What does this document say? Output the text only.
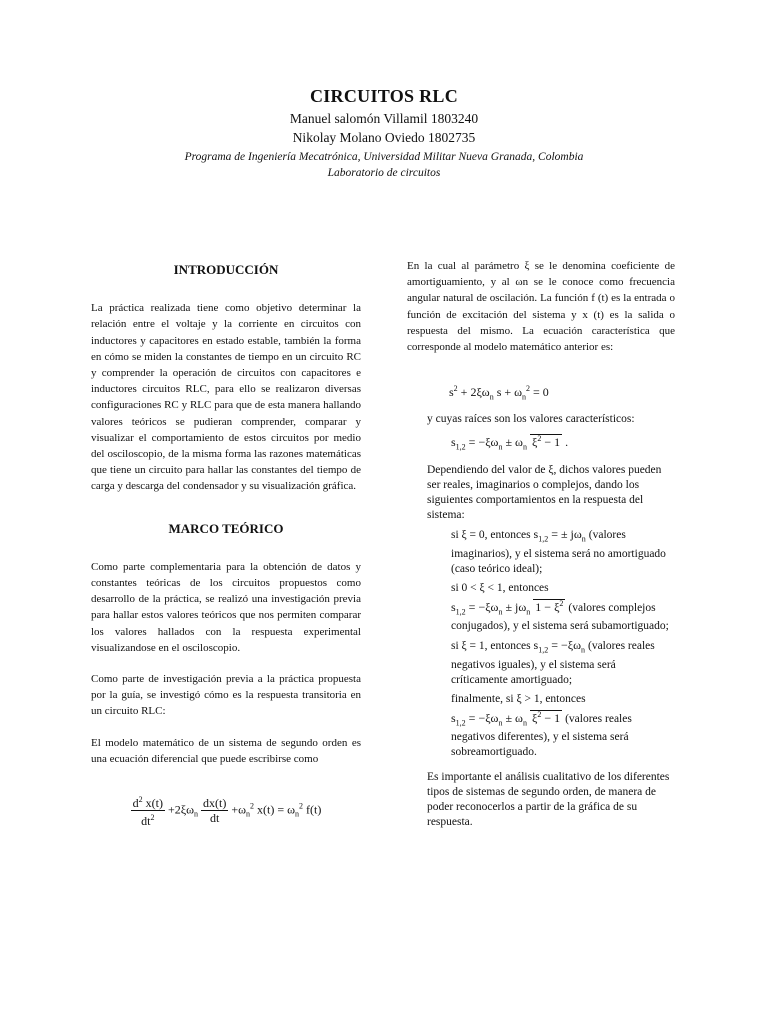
CIRCUITOS RLC
Manuel salomón Villamil 1803240
Nikolay Molano Oviedo 1802735
Programa de Ingeniería Mecatrónica, Universidad Militar Nueva Granada, Colombia
Laboratorio de circuitos
INTRODUCCIÓN

La práctica realizada tiene como objetivo determinar la relación entre el voltaje y la corriente en circuitos con inductores y capacitores en estado estable, también la forma en cómo se miden la constantes de tiempo en un circuito RC y comprender la operación de circuitos con capacitores e inductores circuitos RLC, para ello se realizaron diversas configuraciones RC y RLC para que de esta manera hallando valores teóricos se pudieran comprender, comparar y visualizar el comportamiento de estos circuitos por medio del osciloscopio, de la misma forma las razones matemáticas que tiene un circuito para hallar las constantes del tiempo de carga y descarga del condensador y su visualización gráfica.

MARCO TEÓRICO

Como parte complementaria para la obtención de datos y constantes teóricas de los circuitos propuestos como desarrollo de la práctica, se realizó una investigación previa para hallar estos valores teóricos que nos permiten comparar los valores hallados con la respuesta experimental visualizandose en el osciloscopio.

Como parte de investigación previa a la práctica propuesta por la guía, se investigó cómo es la respuesta transitoria en un circuito RLC:

El modelo matemático de un sistema de segundo orden es una ecuación diferencial que puede escribirse como

$\frac{d^2 x(t)}{dt^2} +2\xi\omega_n \frac{dx(t)}{dt} +\omega_n^2$ $x(t) = \omega_n^2$ f(t)

En la cual al parámetro ξ se le denomina coeficiente de amortiguamiento, y al ωn se le conoce como frecuencia angular natural de oscilación. La función f (t) es la entrada o función de excitación del sistema y x (t) es la salida o respuesta del mismo. La ecuación característica que corresponde al modelo matemático anterior es:

$s^2 + 2\xi\omega_n$ $s + \omega_n^2 = 0$
y cuyas raíces son los valores característicos:
$s_{1,2} = -\xi\omega_n \pm \omega_n$ $\xi^2 - 1$ .
Dependiendo del valor de ξ, dichos valores pueden ser reales, imaginarios o complejos, dando los siguientes comportamientos en la respuesta del sistema:
si ξ = 0, entonces $s_{1,2}$ = ± $j\omega_n$ (valores imaginarios), y el sistema será no amortiguado (caso teórico ideal);
si 0 < ξ < 1, entonces
$s_{1,2} = -\xi\omega_n \pm j\omega_n$ $1 - \xi^2$ (valores complejos conjugados), y el sistema será subamortiguado;
si ξ = 1, entonces $s_{1,2} = -\xi\omega_n$ (valores reales negativos iguales), y el sistema será críticamente amortiguado;
finalmente, si ξ > 1, entonces
$s_{1,2} = -\xi\omega_n \pm \omega_n$ $\xi^2 - 1$ (valores reales negativos diferentes), y el sistema será sobreamortiguado.
Es importante el análisis cualitativo de los diferentes tipos de sistemas de segundo orden, de manera de poder reconocerlos a partir de la gráfica de su respuesta.
